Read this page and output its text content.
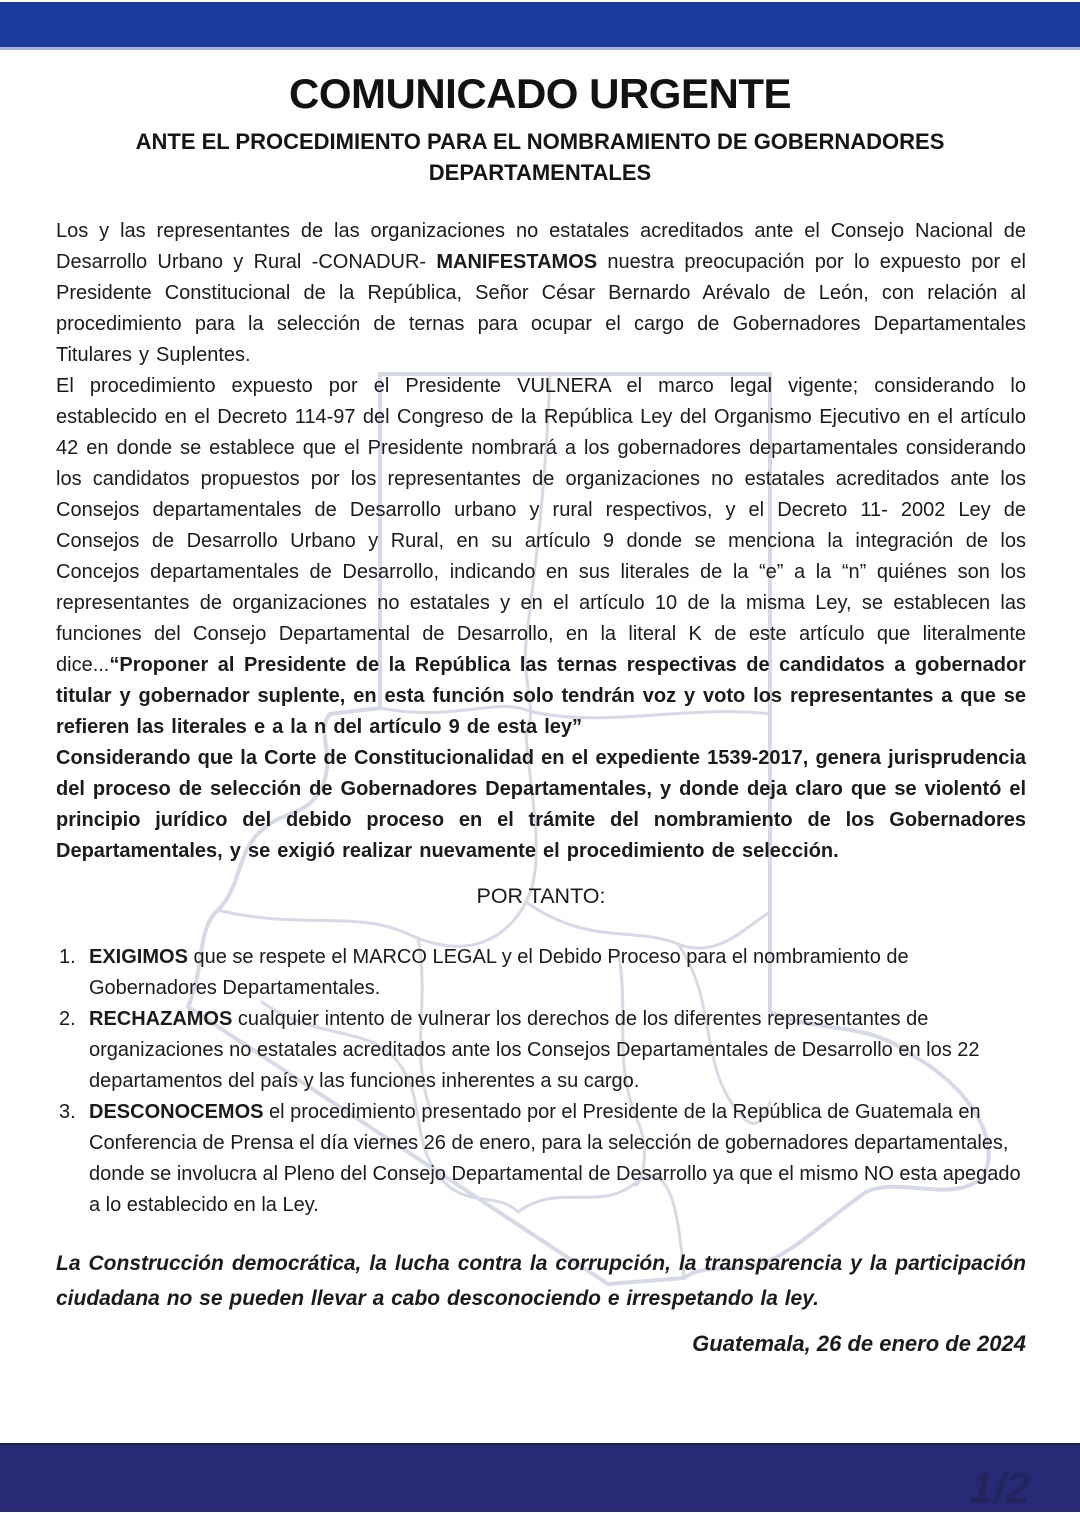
COMUNICADO URGENTE
ANTE EL PROCEDIMIENTO PARA EL NOMBRAMIENTO DE GOBERNADORES DEPARTAMENTALES

Los y las representantes de las organizaciones no estatales acreditados ante el Consejo Nacional de Desarrollo Urbano y Rural -CONADUR- MANIFESTAMOS nuestra preocupación por lo expuesto por el Presidente Constitucional de la República, Señor César Bernardo Arévalo de León, con relación al procedimiento para la selección de ternas para ocupar el cargo de Gobernadores Departamentales Titulares y Suplentes.

El procedimiento expuesto por el Presidente VULNERA el marco legal vigente; considerando lo establecido en el Decreto 114-97 del Congreso de la República Ley del Organismo Ejecutivo en el artículo 42 en donde se establece que el Presidente nombrará a los gobernadores departamentales considerando los candidatos propuestos por los representantes de organizaciones no estatales acreditados ante los Consejos departamentales de Desarrollo urbano y rural respectivos, y el Decreto 11- 2002 Ley de Consejos de Desarrollo Urbano y Rural, en su artículo 9 donde se menciona la integración de los Concejos departamentales de Desarrollo, indicando en sus literales de la “e” a la “n” quiénes son los representantes de organizaciones no estatales y en el artículo 10 de la misma Ley, se establecen las funciones del Consejo Departamental de Desarrollo, en la literal K de este artículo que literalmente dice...“Proponer al Presidente de la República las ternas respectivas de candidatos a gobernador titular y gobernador suplente, en esta función solo tendrán voz y voto los representantes a que se refieren las literales e a la n del artículo 9 de esta ley”

Considerando que la Corte de Constitucionalidad en el expediente 1539-2017, genera jurisprudencia del proceso de selección de Gobernadores Departamentales, y donde deja claro que se violentó el principio jurídico del debido proceso en el trámite del nombramiento de los Gobernadores Departamentales, y se exigió realizar nuevamente el procedimiento de selección.

POR TANTO:

1. EXIGIMOS que se respete el MARCO LEGAL y el Debido Proceso para el nombramiento de Gobernadores Departamentales.
2. RECHAZAMOS cualquier intento de vulnerar los derechos de los diferentes representantes de organizaciones no estatales acreditados ante los Consejos Departamentales de Desarrollo en los 22 departamentos del país y las funciones inherentes a su cargo.
3. DESCONOCEMOS el procedimiento presentado por el Presidente de la República de Guatemala en Conferencia de Prensa el día viernes 26 de enero, para la selección de gobernadores departamentales, donde se involucra al Pleno del Consejo Departamental de Desarrollo ya que el mismo NO esta apegado a lo establecido en la Ley.

La Construcción democrática, la lucha contra la corrupción, la transparencia y la participación ciudadana no se pueden llevar a cabo desconociendo e irrespetando la ley.

Guatemala, 26 de enero de 2024

1/2
